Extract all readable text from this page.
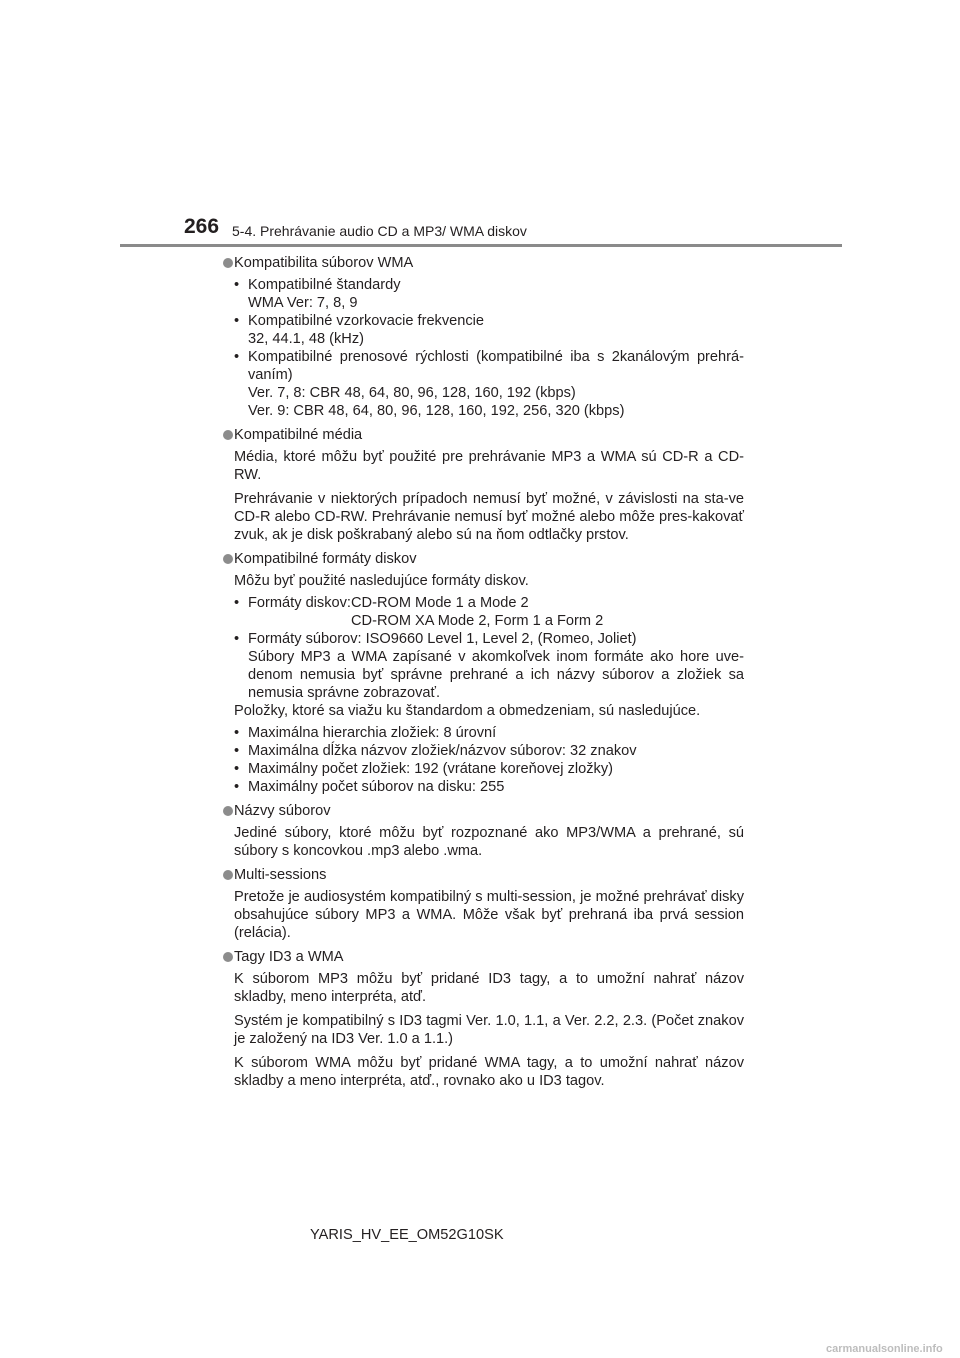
266 5-4. Prehrávanie audio CD a MP3/ WMA diskov
Kompatibilita súborov WMA
• Kompatibilné štandardy
WMA Ver: 7, 8, 9
• Kompatibilné vzorkovacie frekvencie
32, 44.1, 48 (kHz)
• Kompatibilné prenosové rýchlosti (kompatibilné iba s 2kanálovým prehrá-vaním)
Ver. 7, 8: CBR 48, 64, 80, 96, 128, 160, 192 (kbps)
Ver. 9: CBR 48, 64, 80, 96, 128, 160, 192, 256, 320 (kbps)
Kompatibilné média
Média, ktoré môžu byť použité pre prehrávanie MP3 a WMA sú CD-R a CD-RW.
Prehrávanie v niektorých prípadoch nemusí byť možné, v závislosti na sta-ve CD-R alebo CD-RW. Prehrávanie nemusí byť možné alebo môže pres-kakovať zvuk, ak je disk poškrabaný alebo sú na ňom odtlačky prstov.
Kompatibilné formáty diskov
Môžu byť použité nasledujúce formáty diskov.
• Formáty diskov: CD-ROM Mode 1 a Mode 2
CD-ROM XA Mode 2, Form 1 a Form 2
• Formáty súborov: ISO9660 Level 1, Level 2, (Romeo, Joliet)
Súbory MP3 a WMA zapísané v akomkoľvek inom formáte ako hore uve-denom nemusia byť správne prehrané a ich názvy súborov a zložiek sa nemusia správne zobrazovať.
Položky, ktoré sa viažu ku štandardom a obmedzeniam, sú nasledujúce.
• Maximálna hierarchia zložiek: 8 úrovní
• Maximálna dĺžka názvov zložiek/názvov súborov: 32 znakov
• Maximálny počet zložiek: 192 (vrátane koreňovej zložky)
• Maximálny počet súborov na disku: 255
Názvy súborov
Jediné súbory, ktoré môžu byť rozpoznané ako MP3/WMA a prehrané, sú súbory s koncovkou .mp3 alebo .wma.
Multi-sessions
Pretože je audiosystém kompatibilný s multi-session, je možné prehrávať disky obsahujúce súbory MP3 a WMA. Môže však byť prehraná iba prvá session (relácia).
Tagy ID3 a WMA
K súborom MP3 môžu byť pridané ID3 tagy, a to umožní nahrať názov skladby, meno interpréta, atď.
Systém je kompatibilný s ID3 tagmi Ver. 1.0, 1.1, a Ver. 2.2, 2.3. (Počet znakov je založený na ID3 Ver. 1.0 a 1.1.)
K súborom WMA môžu byť pridané WMA tagy, a to umožní nahrať názov skladby a meno interpréta, atď., rovnako ako u ID3 tagov.
YARIS_HV_EE_OM52G10SK
carmanualsonline.info
